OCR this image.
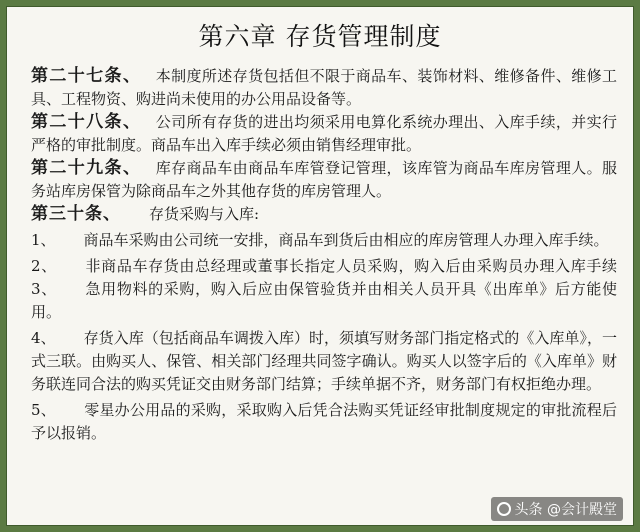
第六章 存货管理制度

第二十七条、 本制度所述存货包括但不限于商品车、装饰材料、维修备件、维修工具、工程物资、购进尚未使用的办公用品设备等。

第二十八条、 公司所有存货的进出均须采用电算化系统办理出、入库手续，并实行严格的审批制度。商品车出入库手续必须由销售经理审批。

第二十九条、 库存商品车由商品车库管登记管理，该库管为商品车库房管理人。服务站库房保管为除商品车之外其他存货的库房管理人。

第三十条、 存货采购与入库:

1、 商品车采购由公司统一安排，商品车到货后由相应的库房管理人办理入库手续。

2、 非商品车存货由总经理或董事长指定人员采购，购入后由采购员办理入库手续 3、 急用物料的采购，购入后应由保管验货并由相关人员开具《出库单》后方能使用。

4、 存货入库（包括商品车调拨入库）时，须填写财务部门指定格式的《入库单》，一式三联。由购买人、保管、相关部门经理共同签字确认。购买人以签字后的《入库单》财务联连同合法的购买凭证交由财务部门结算；手续单据不齐，财务部门有权拒绝办理。

5、 零星办公用品的采购，采取购入后凭合法购买凭证经审批制度规定的审批流程后予以报销。

头条 @会计殿堂
